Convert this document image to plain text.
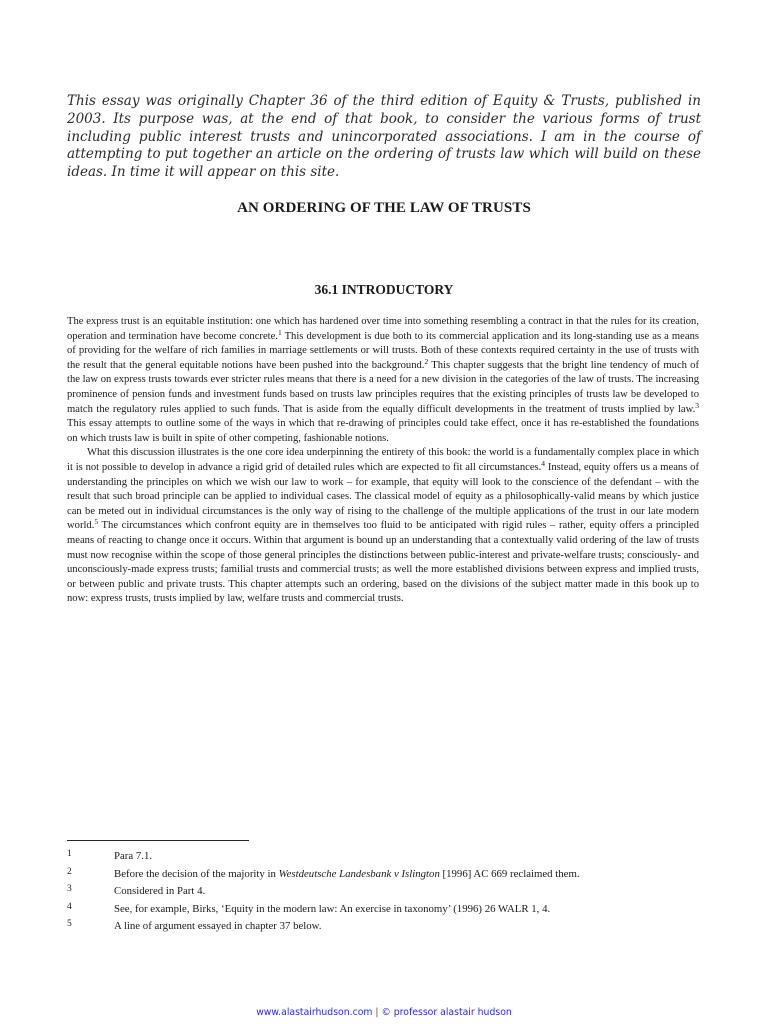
This essay was originally Chapter 36 of the third edition of Equity & Trusts, published in 2003. Its purpose was, at the end of that book, to consider the various forms of trust including public interest trusts and unincorporated associations. I am in the course of attempting to put together an article on the ordering of trusts law which will build on these ideas. In time it will appear on this site.

AN ORDERING OF THE LAW OF TRUSTS
36.1 INTRODUCTORY

The express trust is an equitable institution: one which has hardened over time into something resembling a contract in that the rules for its creation, operation and termination have become concrete.$^1$ This development is due both to its commercial application and its long-standing use as a means of providing for the welfare of rich families in marriage settlements or will trusts. Both of these contexts required certainty in the use of trusts with the result that the general equitable notions have been pushed into the background.$^2$ This chapter suggests that the bright line tendency of much of the law on express trusts towards ever stricter rules means that there is a need for a new division in the categories of the law of trusts. The increasing prominence of pension funds and investment funds based on trusts law principles requires that the existing principles of trusts law be developed to match the regulatory rules applied to such funds. That is aside from the equally difficult developments in the treatment of trusts implied by law.$^3$ This essay attempts to outline some of the ways in which that re-drawing of principles could take effect, once it has re-established the foundations on which trusts law is built in spite of other competing, fashionable notions.

What this discussion illustrates is the one core idea underpinning the entirety of this book: the world is a fundamentally complex place in which it is not possible to develop in advance a rigid grid of detailed rules which are expected to fit all circumstances.$^4$ Instead, equity offers us a means of understanding the principles on which we wish our law to work – for example, that equity will look to the conscience of the defendant – with the result that such broad principle can be applied to individual cases. The classical model of equity as a philosophically-valid means by which justice can be meted out in individual circumstances is the only way of rising to the challenge of the multiple applications of the trust in our late modern world.$^5$ The circumstances which confront equity are in themselves too fluid to be anticipated with rigid rules – rather, equity offers a principled means of reacting to change once it occurs. Within that argument is bound up an understanding that a contextually valid ordering of the law of trusts must now recognise within the scope of those general principles the distinctions between public-interest and private-welfare trusts; consciously- and unconsciously-made express trusts; familial trusts and commercial trusts; as well the more established divisions between express and implied trusts, or between public and private trusts. This chapter attempts such an ordering, based on the divisions of the subject matter made in this book up to now: express trusts, trusts implied by law, welfare trusts and commercial trusts.

1	Para 7.1.
2	Before the decision of the majority in Westdeutsche Landesbank v Islington [1996] AC 669 reclaimed them.
3	Considered in Part 4.
4	See, for example, Birks, ‘Equity in the modern law: An exercise in taxonomy’ (1996) 26 WALR 1, 4.
5	A line of argument essayed in chapter 37 below.
www.alastairhudson.com | © professor alastair hudson
